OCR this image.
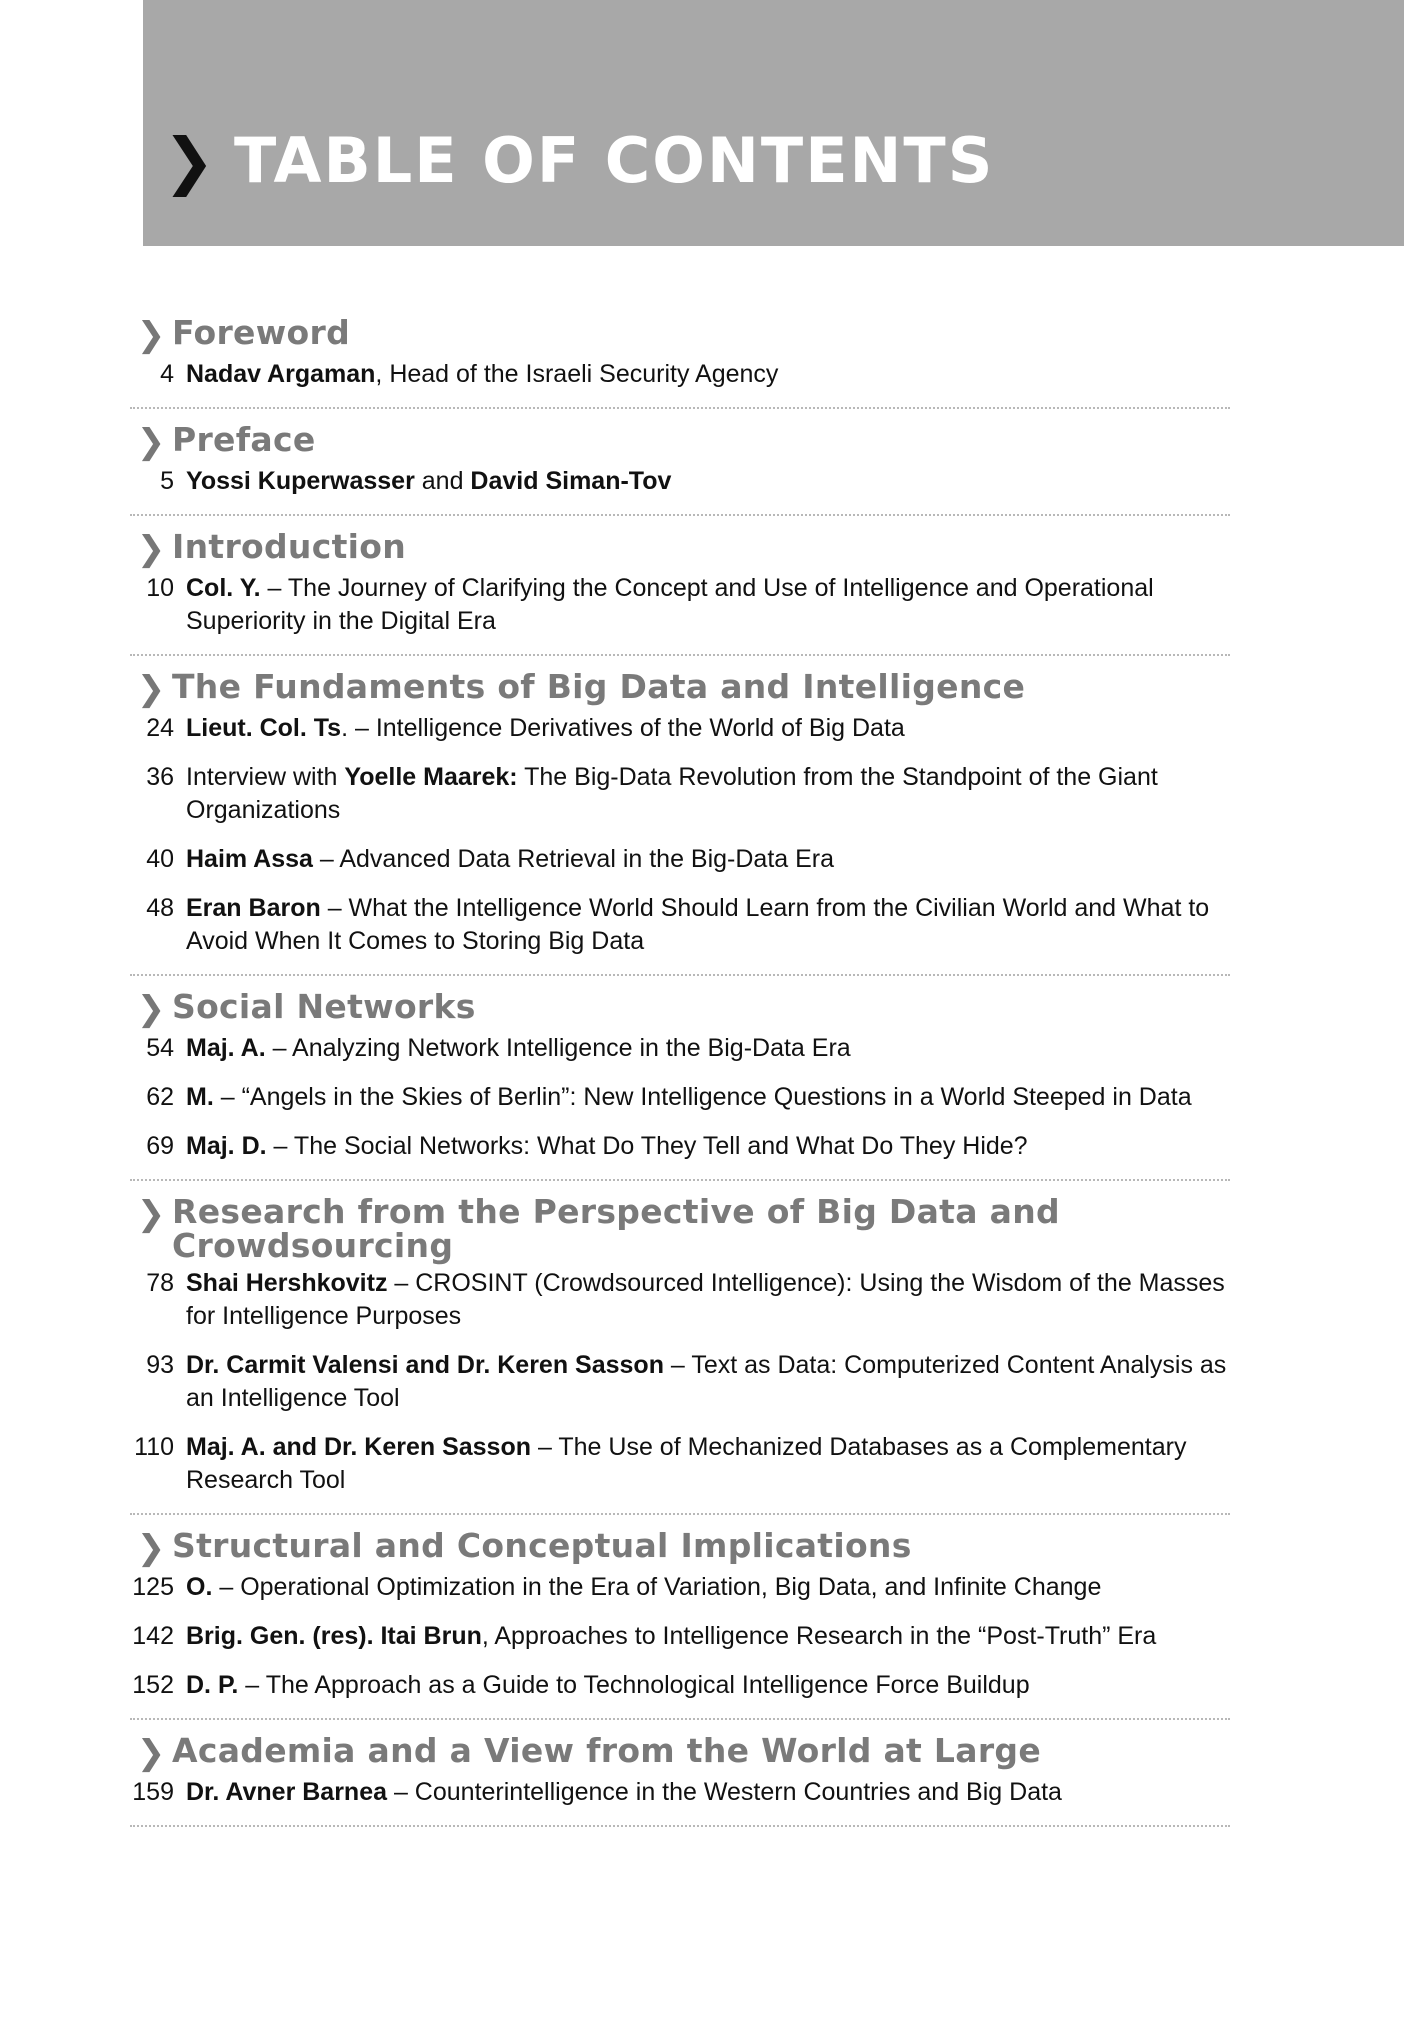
❯ TABLE OF CONTENTS
❯ Foreword
4 Nadav Argaman, Head of the Israeli Security Agency
❯ Preface
5 Yossi Kuperwasser and David Siman-Tov
❯ Introduction
10 Col. Y. – The Journey of Clarifying the Concept and Use of Intelligence and Operational Superiority in the Digital Era
❯ The Fundaments of Big Data and Intelligence
24 Lieut. Col. Ts. – Intelligence Derivatives of the World of Big Data
36 Interview with Yoelle Maarek: The Big-Data Revolution from the Standpoint of the Giant Organizations
40 Haim Assa – Advanced Data Retrieval in the Big-Data Era
48 Eran Baron – What the Intelligence World Should Learn from the Civilian World and What to Avoid When It Comes to Storing Big Data
❯ Social Networks
54 Maj. A. – Analyzing Network Intelligence in the Big-Data Era
62 M. – “Angels in the Skies of Berlin”: New Intelligence Questions in a World Steeped in Data
69 Maj. D. – The Social Networks: What Do They Tell and What Do They Hide?
❯ Research from the Perspective of Big Data and Crowdsourcing
78 Shai Hershkovitz – CROSINT (Crowdsourced Intelligence): Using the Wisdom of the Masses for Intelligence Purposes
93 Dr. Carmit Valensi and Dr. Keren Sasson – Text as Data: Computerized Content Analysis as an Intelligence Tool
110 Maj. A. and Dr. Keren Sasson – The Use of Mechanized Databases as a Complementary Research Tool
❯ Structural and Conceptual Implications
125 O. – Operational Optimization in the Era of Variation, Big Data, and Infinite Change
142 Brig. Gen. (res). Itai Brun, Approaches to Intelligence Research in the “Post-Truth” Era
152 D. P. – The Approach as a Guide to Technological Intelligence Force Buildup
❯ Academia and a View from the World at Large
159 Dr. Avner Barnea – Counterintelligence in the Western Countries and Big Data
